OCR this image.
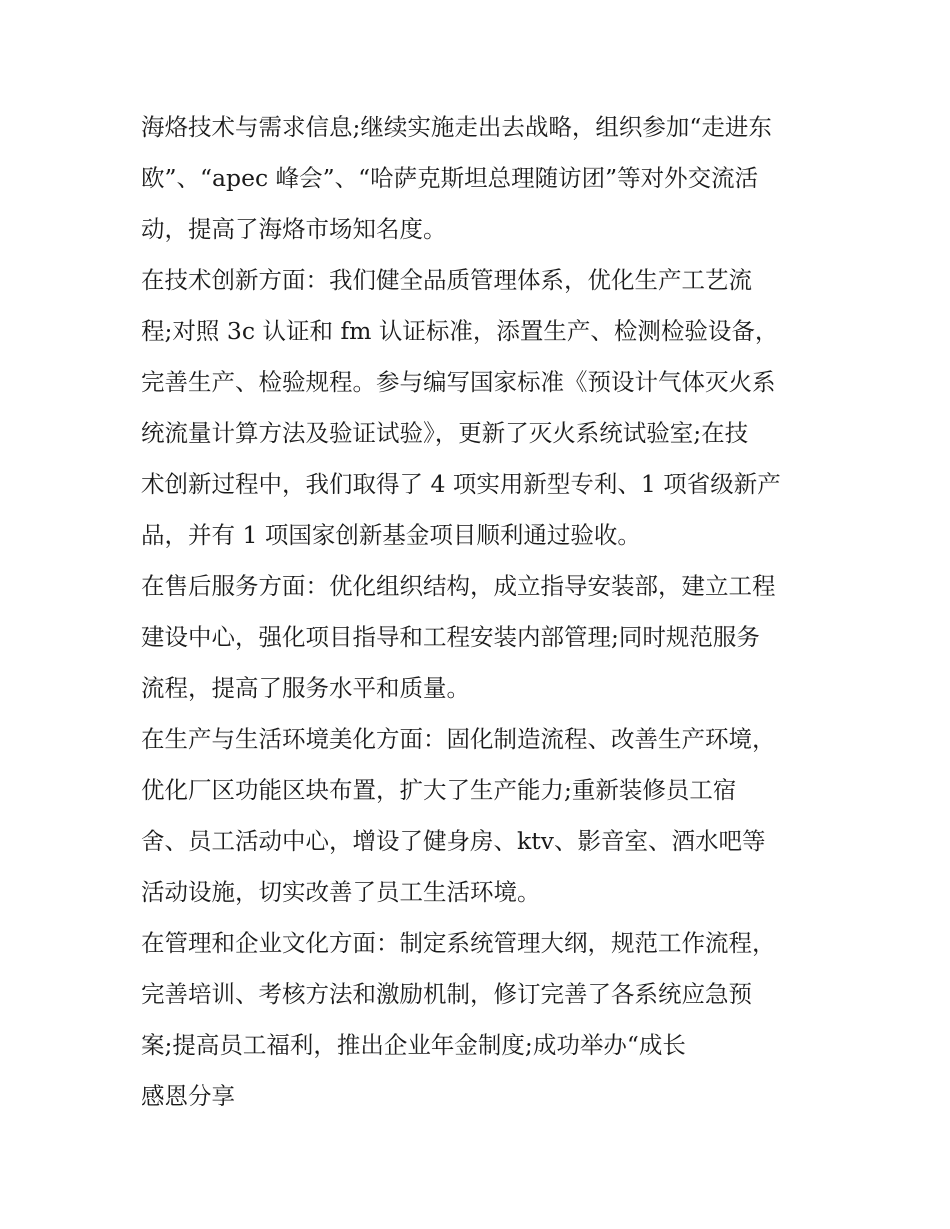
海烙技术与需求信息;继续实施走出去战略，组织参加“走进东
欧”、“apec 峰会”、“哈萨克斯坦总理随访团”等对外交流活
动，提高了海烙市场知名度。
在技术创新方面：我们健全品质管理体系，优化生产工艺流
程;对照 3c 认证和 fm 认证标准，添置生产、检测检验设备，
完善生产、检验规程。参与编写国家标准《预设计气体灭火系
统流量计算方法及验证试验》，更新了灭火系统试验室;在技
术创新过程中，我们取得了 4 项实用新型专利、1 项省级新产
品，并有 1 项国家创新基金项目顺利通过验收。
在售后服务方面：优化组织结构，成立指导安装部，建立工程
建设中心，强化项目指导和工程安装内部管理;同时规范服务
流程，提高了服务水平和质量。
在生产与生活环境美化方面：固化制造流程、改善生产环境，
优化厂区功能区块布置，扩大了生产能力;重新装修员工宿
舍、员工活动中心，增设了健身房、ktv、影音室、酒水吧等
活动设施，切实改善了员工生活环境。
在管理和企业文化方面：制定系统管理大纲，规范工作流程，
完善培训、考核方法和激励机制，修订完善了各系统应急预
案;提高员工福利，推出企业年金制度;成功举办“成长
感恩分享
